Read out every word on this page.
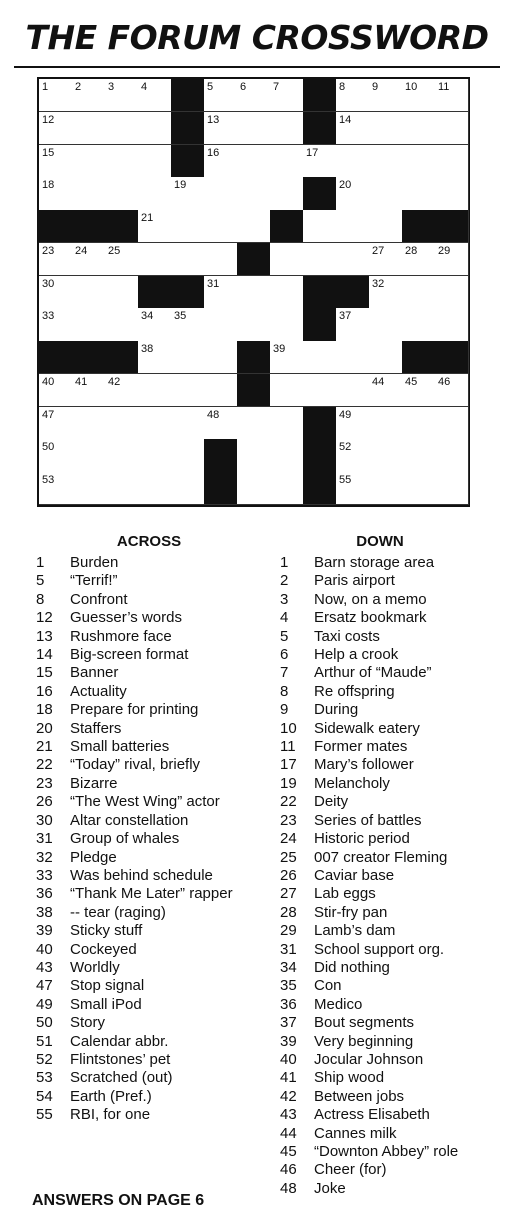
THE FORUM CROSSWORD
1 2 3 4	5 6 7	8 9 10 11
12	13	14
15	16	17
18	19	20
21
23 24 25	27 28 29
30	31	32
33	34 35	37
38	39
40 41 42	44 45 46
47	48	49
50	52
53	55
ACROSS
1	Burden
5	“Terrif!”
8	Confront
12	Guesser’s words
13	Rushmore face
14	Big-screen format
15	Banner
16	Actuality
18	Prepare for printing
20	Staffers
21	Small batteries
22	“Today” rival, briefly
23	Bizarre
26	“The West Wing” actor
30	Altar constellation
31	Group of whales
32	Pledge
33	Was behind schedule
36	“Thank Me Later” rapper
38	-- tear (raging)
39	Sticky stuff
40	Cockeyed
43	Worldly
47	Stop signal
49	Small iPod
50	Story
51	Calendar abbr.
52	Flintstones’ pet
53	Scratched (out)
54	Earth (Pref.)
55	RBI, for one
DOWN
1	Barn storage area
2	Paris airport
3	Now, on a memo
4	Ersatz bookmark
5	Taxi costs
6	Help a crook
7	Arthur of “Maude”
8	Re offspring
9	During
10	Sidewalk eatery
11	Former mates
17	Mary’s follower
19	Melancholy
22	Deity
23	Series of battles
24	Historic period
25	007 creator Fleming
26	Caviar base
27	Lab eggs
28	Stir-fry pan
29	Lamb’s dam
31	School support org.
34	Did nothing
35	Con
36	Medico
37	Bout segments
39	Very beginning
40	Jocular Johnson
41	Ship wood
42	Between jobs
43	Actress Elisabeth
44	Cannes milk
45	“Downton Abbey” role
46	Cheer (for)
48	Joke
ANSWERS ON PAGE 6
